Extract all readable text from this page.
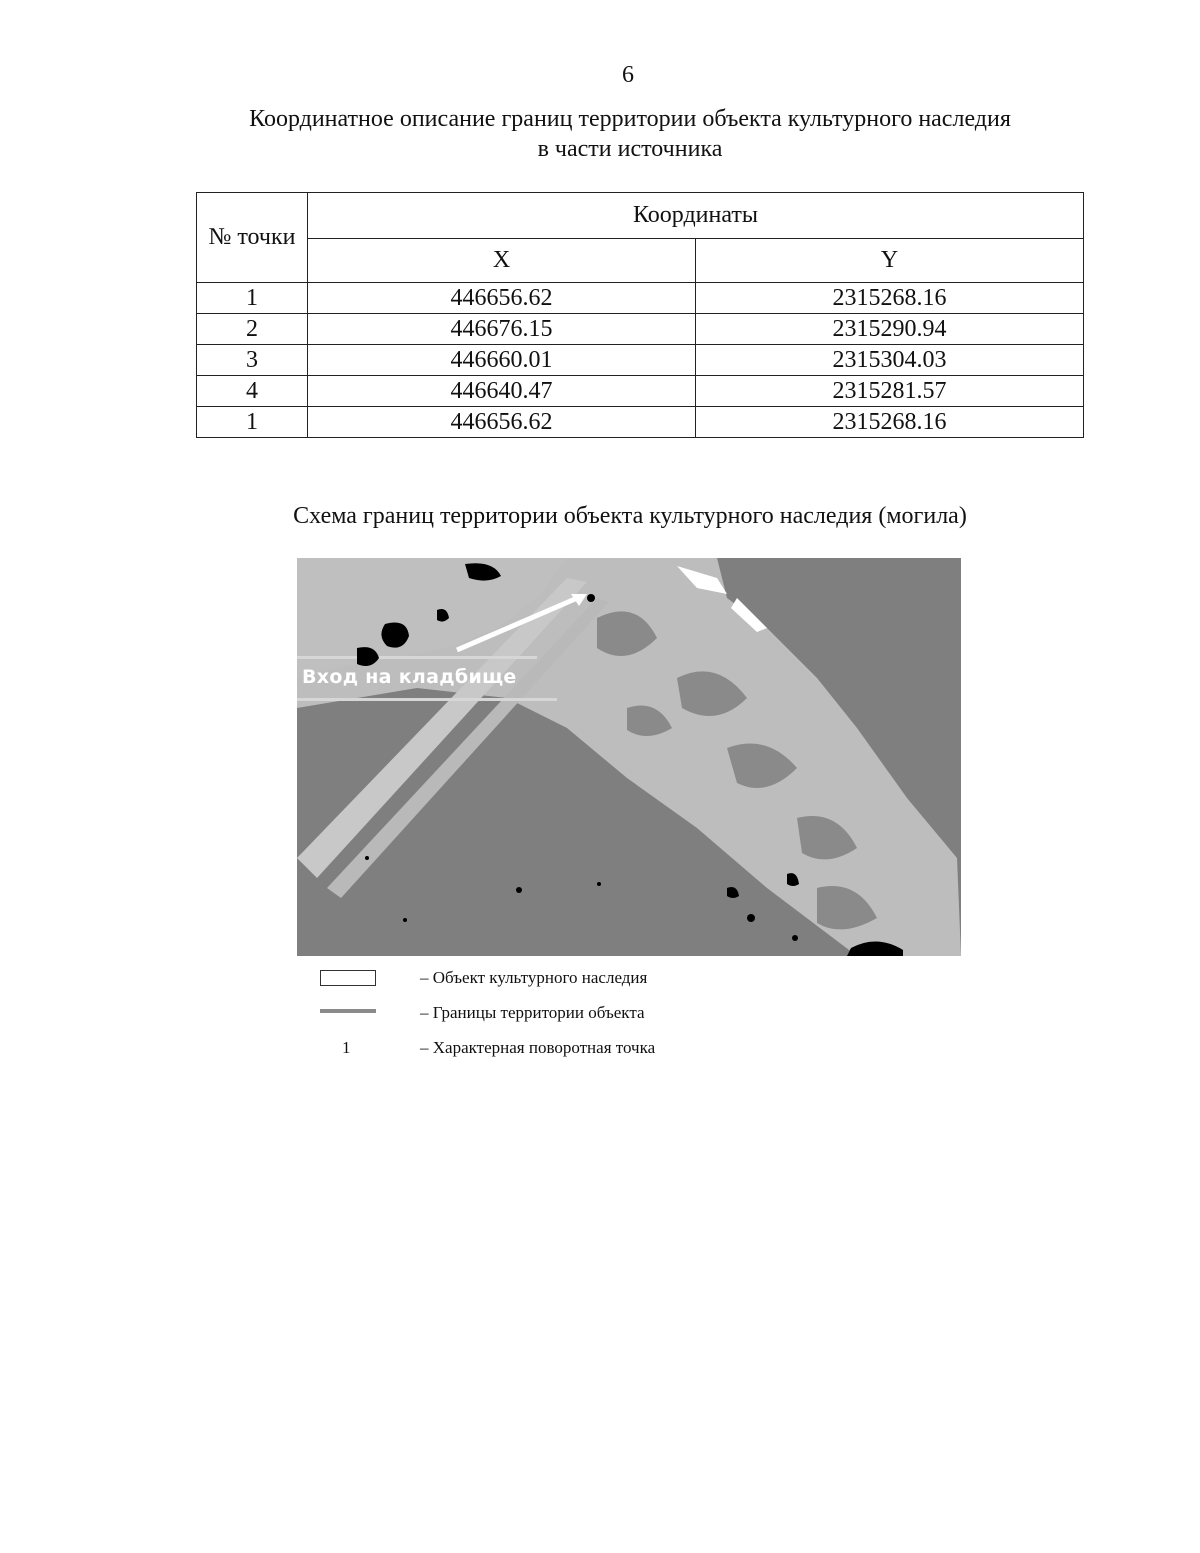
6
Координатное описание границ территории объекта культурного наследия
в части источника
№ точки	Координаты	
	X	Y
1	446656.62	2315268.16
2	446676.15	2315290.94
3	446660.01	2315304.03
4	446640.47	2315281.57
1	446656.62	2315268.16
Схема границ территории объекта культурного наследия (могила)
Вход на кладбище
– Объект культурного наследия
– Границы территории объекта
1	– Характерная поворотная точка
